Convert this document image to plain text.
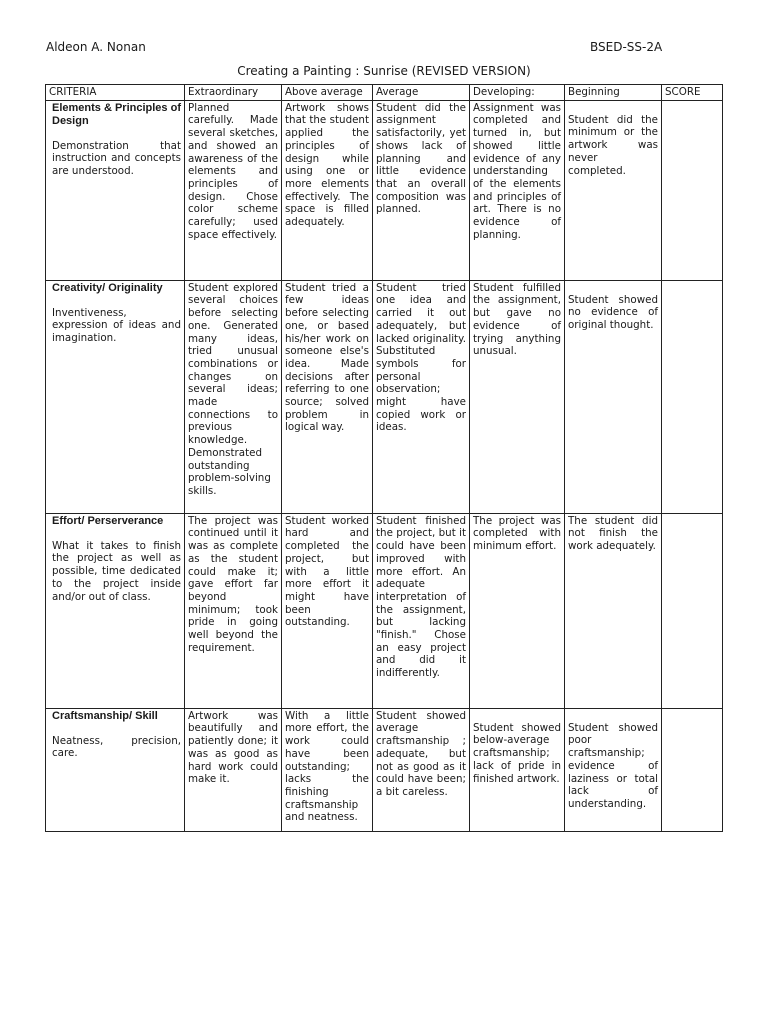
Aldeon A. Nonan	BSED-SS-2A
Creating a Painting : Sunrise (REVISED VERSION)
CRITERIA	Extraordinary	Above average	Average	Developing:	Beginning	SCORE

Elements & Principles of Design
Demonstration that instruction and concepts are understood.	Planned carefully. Made several sketches, and showed an awareness of the elements and principles of design. Chose color scheme carefully; used space effectively.	Artwork shows that the student applied the principles of design while using one or more elements effectively. The space is filled adequately.	Student did the assignment satisfactorily, yet shows lack of planning and little evidence that an overall composition was planned.	Assignment was completed and turned in, but showed little evidence of any understanding of the elements and principles of art. There is no evidence of planning.	Student did the minimum or the artwork was never completed.	

Creativity/ Originality
Inventiveness, expression of ideas and imagination.	Student explored several choices before selecting one. Generated many ideas, tried unusual combinations or changes on several ideas; made connections to previous knowledge. Demonstrated outstanding problem-solving skills.	Student tried a few ideas before selecting one, or based his/her work on someone else's idea. Made decisions after referring to one source; solved problem in logical way.	Student tried one idea and carried it out adequately, but lacked originality. Substituted symbols for personal observation; might have copied work or ideas.	Student fulfilled the assignment, but gave no evidence of trying anything unusual.	Student showed no evidence of original thought.	

Effort/ Perserverance
What it takes to finish the project as well as possible, time dedicated to the project inside and/or out of class.	The project was continued until it was as complete as the student could make it; gave effort far beyond minimum; took pride in going well beyond the requirement.	Student worked hard and completed the project, but with a little more effort it might have been outstanding.	Student finished the project, but it could have been improved with more effort. An adequate interpretation of the assignment, but lacking "finish." Chose an easy project and did it indifferently.	The project was completed with minimum effort.	The student did not finish the work adequately.	

Craftsmanship/ Skill
Neatness, precision, care.	Artwork was beautifully and patiently done; it was as good as hard work could make it.	With a little more effort, the work could have been outstanding; lacks the finishing craftsmanship and neatness.	Student showed average craftsmanship ; adequate, but not as good as it could have been; a bit careless.	Student showed below-average craftsmanship; lack of pride in finished artwork.	Student showed poor craftsmanship; evidence of laziness or total lack of understanding.	
